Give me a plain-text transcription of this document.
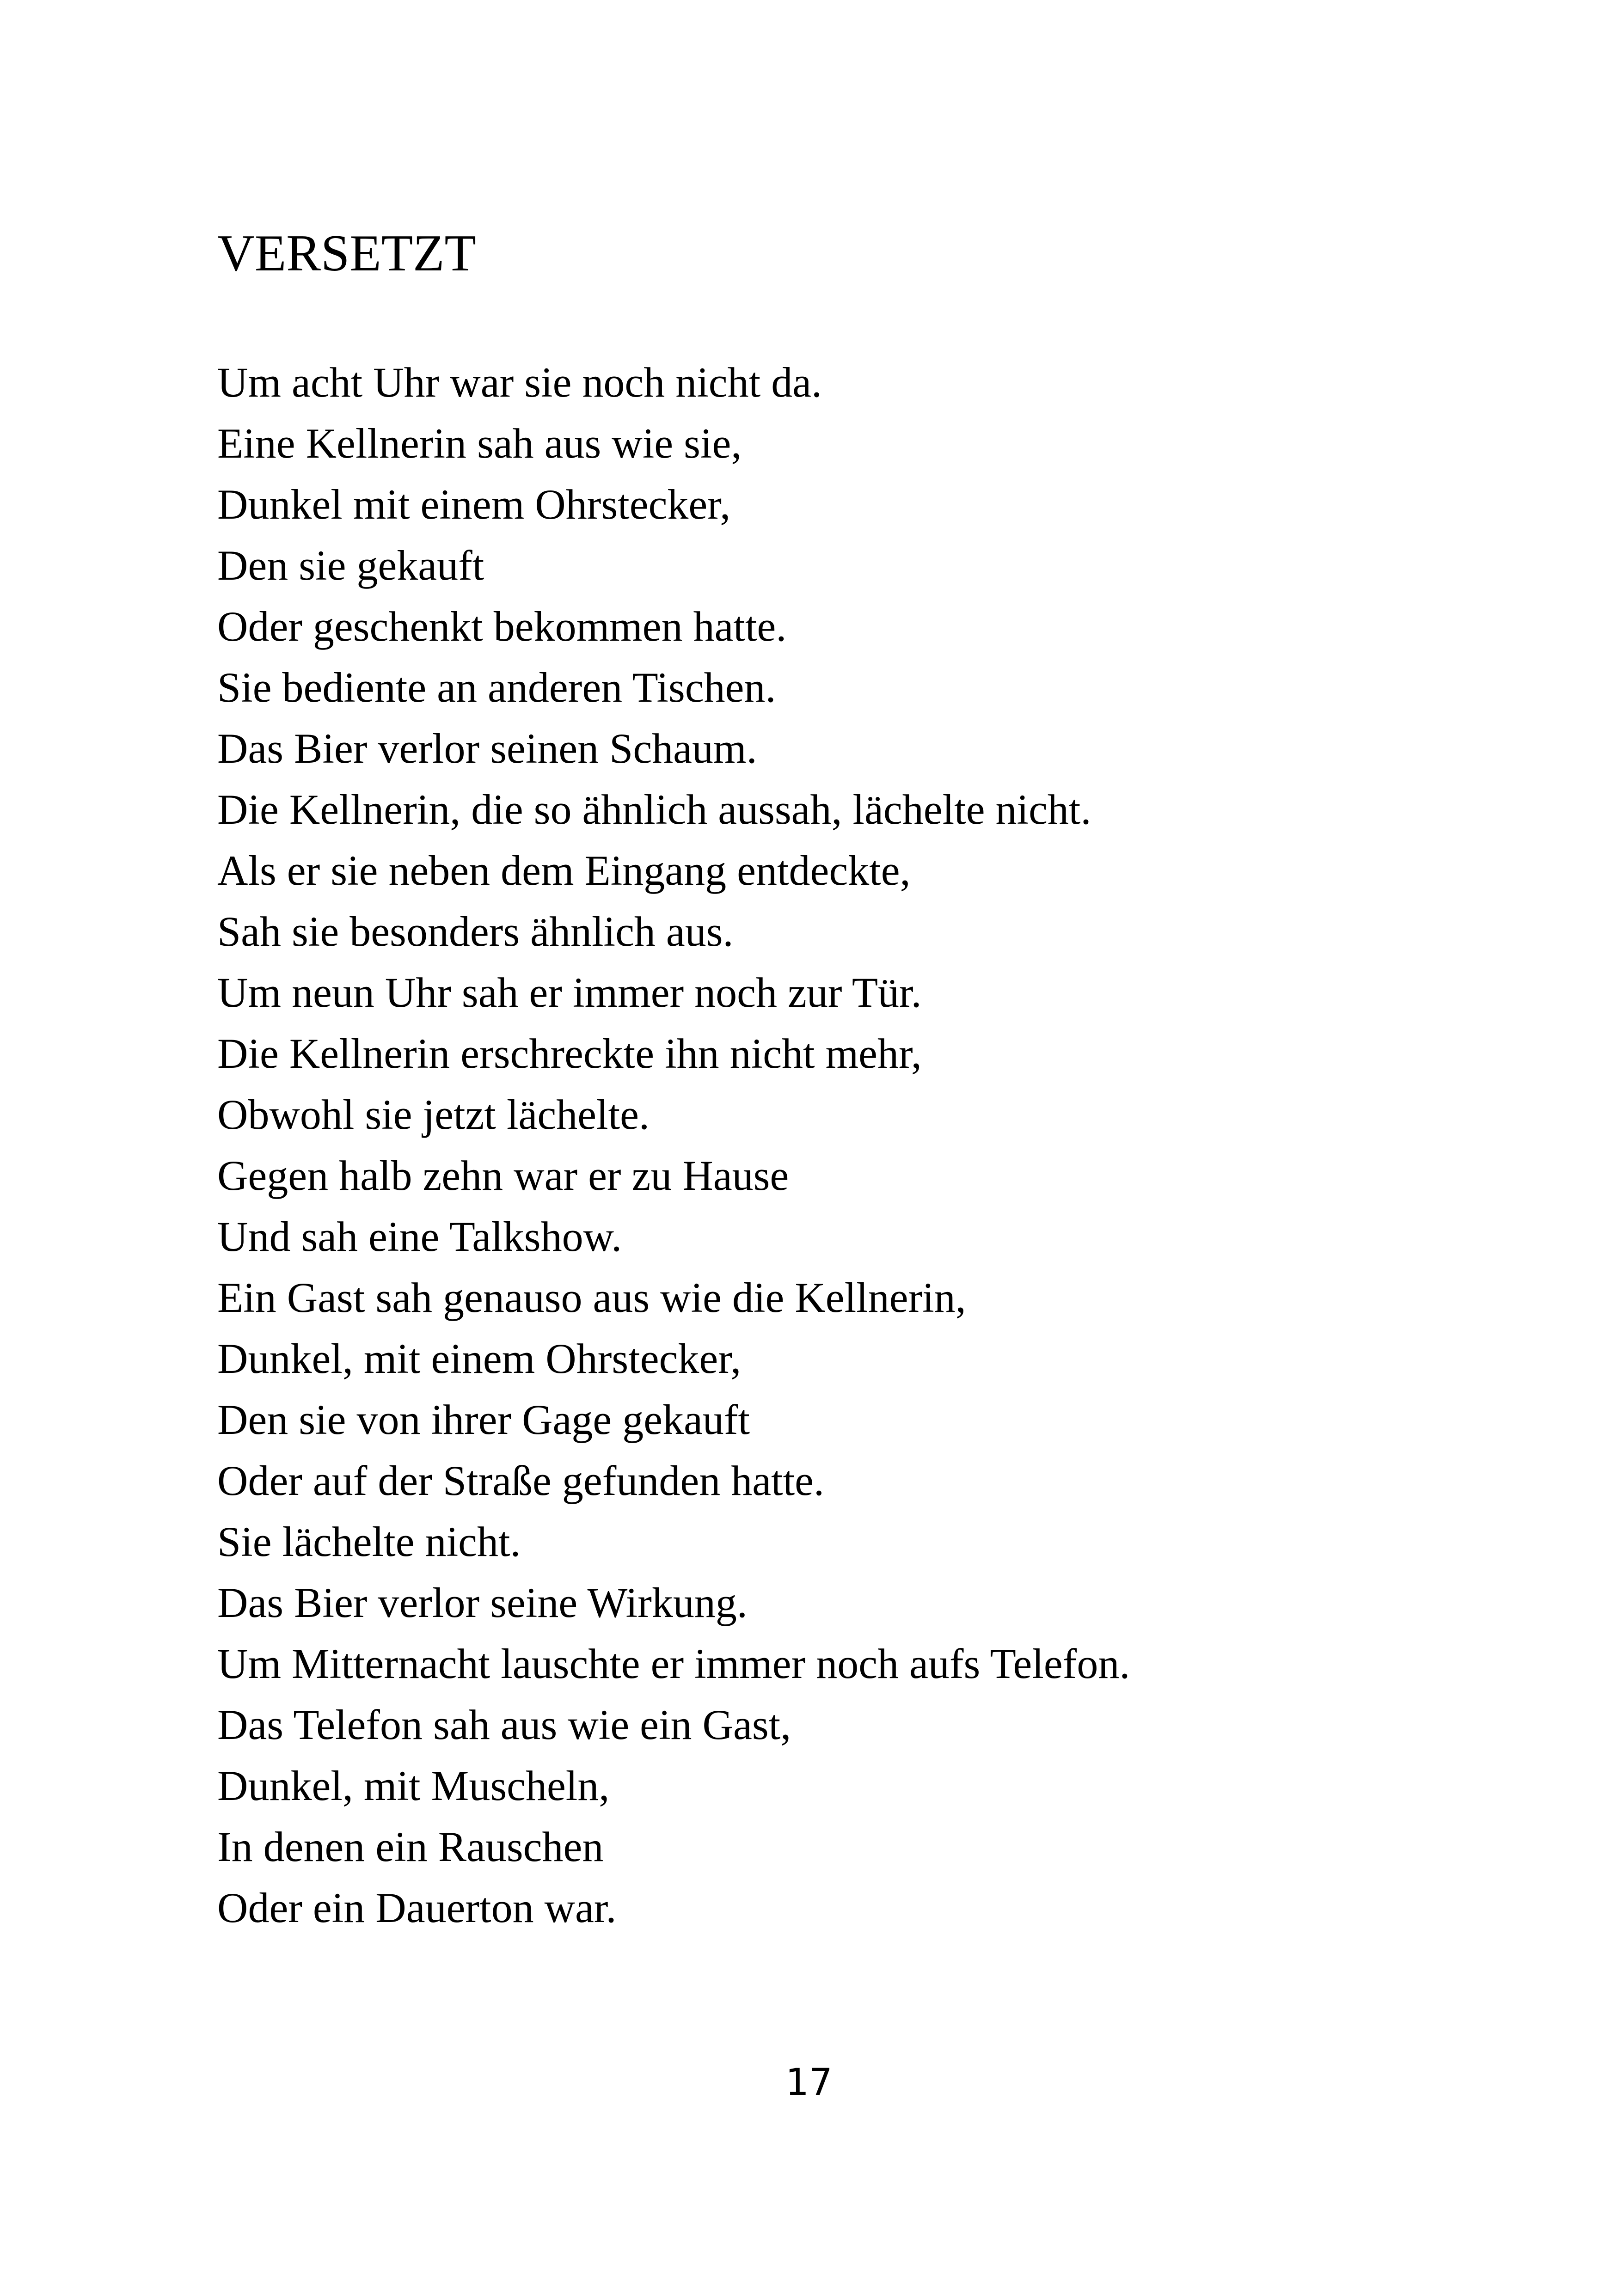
VERSETZT
Um acht Uhr war sie noch nicht da.
Eine Kellnerin sah aus wie sie,
Dunkel mit einem Ohrstecker,
Den sie gekauft
Oder geschenkt bekommen hatte.
Sie bediente an anderen Tischen.
Das Bier verlor seinen Schaum.
Die Kellnerin, die so ähnlich aussah, lächelte nicht.
Als er sie neben dem Eingang entdeckte,
Sah sie besonders ähnlich aus.
Um neun Uhr sah er immer noch zur Tür.
Die Kellnerin erschreckte ihn nicht mehr,
Obwohl sie jetzt lächelte.
Gegen halb zehn war er zu Hause
Und sah eine Talkshow.
Ein Gast sah genauso aus wie die Kellnerin,
Dunkel, mit einem Ohrstecker,
Den sie von ihrer Gage gekauft
Oder auf der Straße gefunden hatte.
Sie lächelte nicht.
Das Bier verlor seine Wirkung.
Um Mitternacht lauschte er immer noch aufs Telefon.
Das Telefon sah aus wie ein Gast,
Dunkel, mit Muscheln,
In denen ein Rauschen
Oder ein Dauerton war.
17
